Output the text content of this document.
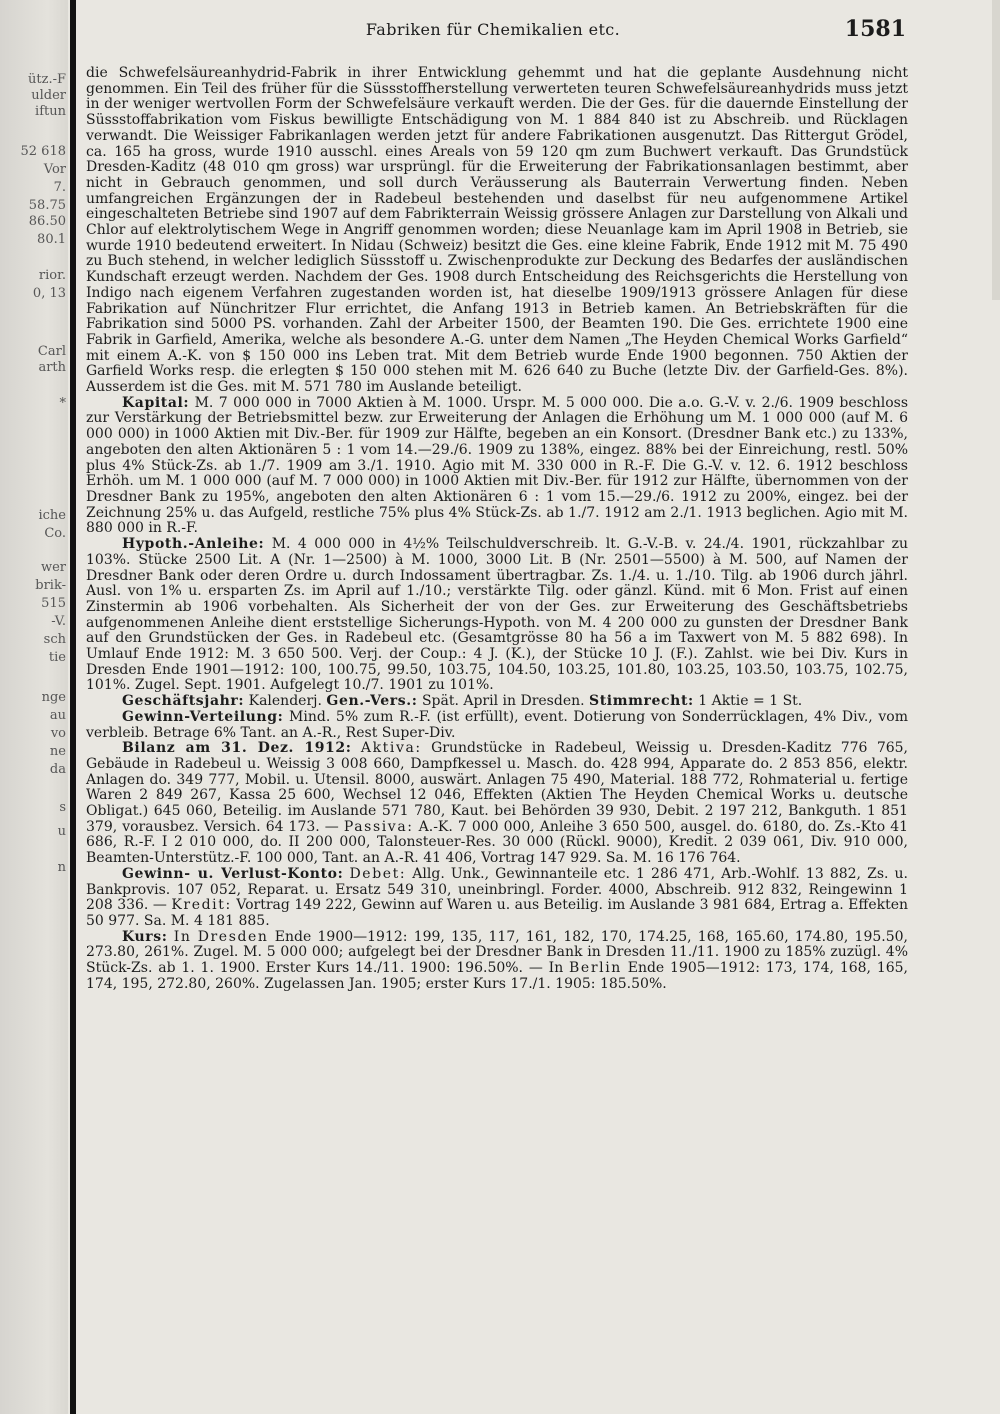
ütz.-F
ulder
iftun
52 618
Vor
7.
58.75
86.50
80.1
rior.
0, 13
Carl
arth
*
iche
Co.
wer
brik-
515
-V.
sch
tie
nge
au
vo
ne
da
s
u
n
Fabriken für Chemikalien etc.	1581

die Schwefelsäureanhydrid-Fabrik in ihrer Entwicklung gehemmt und hat die geplante Ausdehnung nicht genommen. Ein Teil des früher für die Süssstoffherstellung verwerteten teuren Schwefelsäureanhydrids muss jetzt in der weniger wertvollen Form der Schwefelsäure verkauft werden. Die der Ges. für die dauernde Einstellung der Süssstoffabrikation vom Fiskus bewilligte Entschädigung von M. 1 884 840 ist zu Abschreib. und Rücklagen verwandt. Die Weissiger Fabrikanlagen werden jetzt für andere Fabrikationen ausgenutzt. Das Rittergut Grödel, ca. 165 ha gross, wurde 1910 ausschl. eines Areals von 59 120 qm zum Buchwert verkauft. Das Grundstück Dresden-Kaditz (48 010 qm gross) war ursprüngl. für die Erweiterung der Fabrikationsanlagen bestimmt, aber nicht in Gebrauch genommen, und soll durch Veräusserung als Bauterrain Verwertung finden. Neben umfangreichen Ergänzungen der in Radebeul bestehenden und daselbst für neu aufgenommene Artikel eingeschalteten Betriebe sind 1907 auf dem Fabrikterrain Weissig grössere Anlagen zur Darstellung von Alkali und Chlor auf elektrolytischem Wege in Angriff genommen worden; diese Neuanlage kam im April 1908 in Betrieb, sie wurde 1910 bedeutend erweitert. In Nidau (Schweiz) besitzt die Ges. eine kleine Fabrik, Ende 1912 mit M. 75 490 zu Buch stehend, in welcher lediglich Süssstoff u. Zwischenprodukte zur Deckung des Bedarfes der ausländischen Kundschaft erzeugt werden. Nachdem der Ges. 1908 durch Entscheidung des Reichsgerichts die Herstellung von Indigo nach eigenem Verfahren zugestanden worden ist, hat dieselbe 1909/1913 grössere Anlagen für diese Fabrikation auf Nünchritzer Flur errichtet, die Anfang 1913 in Betrieb kamen. An Betriebskräften für die Fabrikation sind 5000 PS. vorhanden. Zahl der Arbeiter 1500, der Beamten 190. Die Ges. errichtete 1900 eine Fabrik in Garfield, Amerika, welche als besondere A.-G. unter dem Namen „The Heyden Chemical Works Garfield“ mit einem A.-K. von $ 150 000 ins Leben trat. Mit dem Betrieb wurde Ende 1900 begonnen. 750 Aktien der Garfield Works resp. die erlegten $ 150 000 stehen mit M. 626 640 zu Buche (letzte Div. der Garfield-Ges. 8%). Ausserdem ist die Ges. mit M. 571 780 im Auslande beteiligt.

Kapital: M. 7 000 000 in 7000 Aktien à M. 1000. Urspr. M. 5 000 000. Die a.o. G.-V. v. 2./6. 1909 beschloss zur Verstärkung der Betriebsmittel bezw. zur Erweiterung der Anlagen die Erhöhung um M. 1 000 000 (auf M. 6 000 000) in 1000 Aktien mit Div.-Ber. für 1909 zur Hälfte, begeben an ein Konsort. (Dresdner Bank etc.) zu 133%, angeboten den alten Aktionären 5 : 1 vom 14.—29./6. 1909 zu 138%, eingez. 88% bei der Einreichung, restl. 50% plus 4% Stück-Zs. ab 1./7. 1909 am 3./1. 1910. Agio mit M. 330 000 in R.-F. Die G.-V. v. 12. 6. 1912 beschloss Erhöh. um M. 1 000 000 (auf M. 7 000 000) in 1000 Aktien mit Div.-Ber. für 1912 zur Hälfte, übernommen von der Dresdner Bank zu 195%, angeboten den alten Aktionären 6 : 1 vom 15.—29./6. 1912 zu 200%, eingez. bei der Zeichnung 25% u. das Aufgeld, restliche 75% plus 4% Stück-Zs. ab 1./7. 1912 am 2./1. 1913 beglichen. Agio mit M. 880 000 in R.-F.

Hypoth.-Anleihe: M. 4 000 000 in 4½% Teilschuldverschreib. lt. G.-V.-B. v. 24./4. 1901, rückzahlbar zu 103%. Stücke 2500 Lit. A (Nr. 1—2500) à M. 1000, 3000 Lit. B (Nr. 2501—5500) à M. 500, auf Namen der Dresdner Bank oder deren Ordre u. durch Indossament übertragbar. Zs. 1./4. u. 1./10. Tilg. ab 1906 durch jährl. Ausl. von 1% u. ersparten Zs. im April auf 1./10.; verstärkte Tilg. oder gänzl. Künd. mit 6 Mon. Frist auf einen Zinstermin ab 1906 vorbehalten. Als Sicherheit der von der Ges. zur Erweiterung des Geschäftsbetriebs aufgenommenen Anleihe dient erststellige Sicherungs-Hypoth. von M. 4 200 000 zu gunsten der Dresdner Bank auf den Grundstücken der Ges. in Radebeul etc. (Gesamtgrösse 80 ha 56 a im Taxwert von M. 5 882 698). In Umlauf Ende 1912: M. 3 650 500. Verj. der Coup.: 4 J. (K.), der Stücke 10 J. (F.). Zahlst. wie bei Div. Kurs in Dresden Ende 1901—1912: 100, 100.75, 99.50, 103.75, 104.50, 103.25, 101.80, 103.25, 103.50, 103.75, 102.75, 101%. Zugel. Sept. 1901. Aufgelegt 10./7. 1901 zu 101%.

Geschäftsjahr: Kalenderj. Gen.-Vers.: Spät. April in Dresden. Stimmrecht: 1 Aktie = 1 St.

Gewinn-Verteilung: Mind. 5% zum R.-F. (ist erfüllt), event. Dotierung von Sonderrücklagen, 4% Div., vom verbleib. Betrage 6% Tant. an A.-R., Rest Super-Div.

Bilanz am 31. Dez. 1912: Aktiva: Grundstücke in Radebeul, Weissig u. Dresden-Kaditz 776 765, Gebäude in Radebeul u. Weissig 3 008 660, Dampfkessel u. Masch. do. 428 994, Apparate do. 2 853 856, elektr. Anlagen do. 349 777, Mobil. u. Utensil. 8000, auswärt. Anlagen 75 490, Material. 188 772, Rohmaterial u. fertige Waren 2 849 267, Kassa 25 600, Wechsel 12 046, Effekten (Aktien The Heyden Chemical Works u. deutsche Obligat.) 645 060, Beteilig. im Auslande 571 780, Kaut. bei Behörden 39 930, Debit. 2 197 212, Bankguth. 1 851 379, vorausbez. Versich. 64 173. — Passiva: A.-K. 7 000 000, Anleihe 3 650 500, ausgel. do. 6180, do. Zs.-Kto 41 686, R.-F. I 2 010 000, do. II 200 000, Talonsteuer-Res. 30 000 (Rückl. 9000), Kredit. 2 039 061, Div. 910 000, Beamten-Unterstütz.-F. 100 000, Tant. an A.-R. 41 406, Vortrag 147 929. Sa. M. 16 176 764.

Gewinn- u. Verlust-Konto: Debet: Allg. Unk., Gewinnanteile etc. 1 286 471, Arb.-Wohlf. 13 882, Zs. u. Bankprovis. 107 052, Reparat. u. Ersatz 549 310, uneinbringl. Forder. 4000, Abschreib. 912 832, Reingewinn 1 208 336. — Kredit: Vortrag 149 222, Gewinn auf Waren u. aus Beteilig. im Auslande 3 981 684, Ertrag a. Effekten 50 977. Sa. M. 4 181 885.

Kurs: In Dresden Ende 1900—1912: 199, 135, 117, 161, 182, 170, 174.25, 168, 165.60, 174.80, 195.50, 273.80, 261%. Zugel. M. 5 000 000; aufgelegt bei der Dresdner Bank in Dresden 11./11. 1900 zu 185% zuzügl. 4% Stück-Zs. ab 1. 1. 1900. Erster Kurs 14./11. 1900: 196.50%. — In Berlin Ende 1905—1912: 173, 174, 168, 165, 174, 195, 272.80, 260%. Zugelassen Jan. 1905; erster Kurs 17./1. 1905: 185.50%.
